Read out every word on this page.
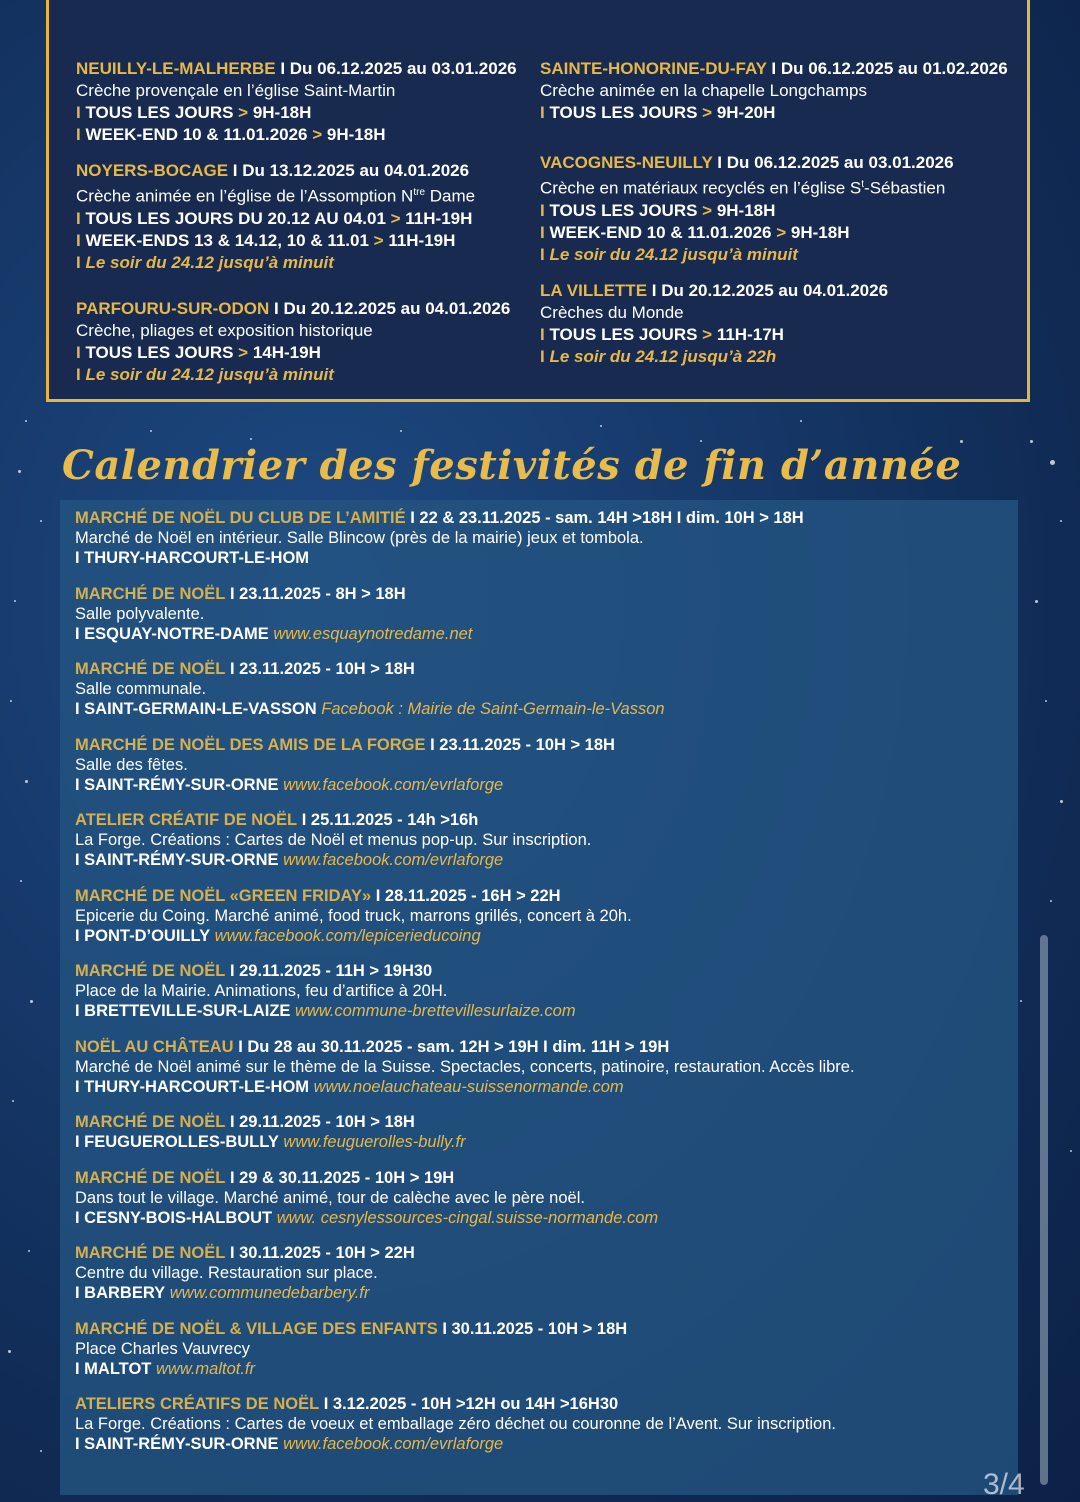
NEUILLY-LE-MALHERBE I Du 06.12.2025 au 03.01.2026
Crèche provençale en l’église Saint-Martin
I TOUS LES JOURS > 9H-18H
I WEEK-END 10 & 11.01.2026 > 9H-18H
NOYERS-BOCAGE I Du 13.12.2025 au 04.01.2026
Crèche animée en l’église de l’Assomption $N^{tre}$ Dame
I TOUS LES JOURS DU 20.12 AU 04.01 > 11H-19H
I WEEK-ENDS 13 & 14.12, 10 & 11.01 > 11H-19H
I Le soir du 24.12 jusqu’à minuit
PARFOURU-SUR-ODON I Du 20.12.2025 au 04.01.2026
Crèche, pliages et exposition historique
I TOUS LES JOURS > 14H-19H
I Le soir du 24.12 jusqu’à minuit
SAINTE-HONORINE-DU-FAY I Du 06.12.2025 au 01.02.2026
Crèche animée en la chapelle Longchamps
I TOUS LES JOURS > 9H-20H
VACOGNES-NEUILLY I Du 06.12.2025 au 03.01.2026
Crèche en matériaux recyclés en l’église $S^t$-Sébastien
I TOUS LES JOURS > 9H-18H
I WEEK-END 10 & 11.01.2026 > 9H-18H
I Le soir du 24.12 jusqu’à minuit
LA VILLETTE I Du 20.12.2025 au 04.01.2026
Crèches du Monde
I TOUS LES JOURS > 11H-17H
I Le soir du 24.12 jusqu’à 22h
Calendrier des festivités de fin d’année
MARCHÉ DE NOËL DU CLUB DE L’AMITIÉ I 22 & 23.11.2025 - sam. 14H >18H I dim. 10H > 18H
Marché de Noël en intérieur. Salle Blincow (près de la mairie) jeux et tombola.
I THURY-HARCOURT-LE-HOM
MARCHÉ DE NOËL I 23.11.2025 - 8H > 18H
Salle polyvalente.
I ESQUAY-NOTRE-DAME www.esquaynotredame.net
MARCHÉ DE NOËL I 23.11.2025 - 10H > 18H
Salle communale.
I SAINT-GERMAIN-LE-VASSON Facebook : Mairie de Saint-Germain-le-Vasson
MARCHÉ DE NOËL DES AMIS DE LA FORGE I 23.11.2025 - 10H > 18H
Salle des fêtes.
I SAINT-RÉMY-SUR-ORNE www.facebook.com/evrlaforge
ATELIER CRÉATIF DE NOËL I 25.11.2025 - 14h >16h
La Forge. Créations : Cartes de Noël et menus pop-up. Sur inscription.
I SAINT-RÉMY-SUR-ORNE www.facebook.com/evrlaforge
MARCHÉ DE NOËL «GREEN FRIDAY» I 28.11.2025 - 16H > 22H
Epicerie du Coing. Marché animé, food truck, marrons grillés, concert à 20h.
I PONT-D’OUILLY www.facebook.com/lepicerieducoing
MARCHÉ DE NOËL I 29.11.2025 - 11H > 19H30
Place de la Mairie. Animations, feu d’artifice à 20H.
I BRETTEVILLE-SUR-LAIZE www.commune-brettevillesurlaize.com
NOËL AU CHÂTEAU I Du 28 au 30.11.2025 - sam. 12H > 19H I dim. 11H > 19H
Marché de Noël animé sur le thème de la Suisse. Spectacles, concerts, patinoire, restauration. Accès libre.
I THURY-HARCOURT-LE-HOM www.noelauchateau-suissenormande.com
MARCHÉ DE NOËL I 29.11.2025 - 10H > 18H
I FEUGUEROLLES-BULLY www.feuguerolles-bully.fr
MARCHÉ DE NOËL I 29 & 30.11.2025 - 10H > 19H
Dans tout le village. Marché animé, tour de calèche avec le père noël.
I CESNY-BOIS-HALBOUT www. cesnylessources-cingal.suisse-normande.com
MARCHÉ DE NOËL I 30.11.2025 - 10H > 22H
Centre du village. Restauration sur place.
I BARBERY www.communedebarbery.fr
MARCHÉ DE NOËL & VILLAGE DES ENFANTS I 30.11.2025 - 10H > 18H
Place Charles Vauvrecy
I MALTOT www.maltot.fr
ATELIERS CRÉATIFS DE NOËL I 3.12.2025 - 10H >12H ou 14H >16H30
La Forge. Créations : Cartes de voeux et emballage zéro déchet ou couronne de l’Avent. Sur inscription.
I SAINT-RÉMY-SUR-ORNE www.facebook.com/evrlaforge
3/4
